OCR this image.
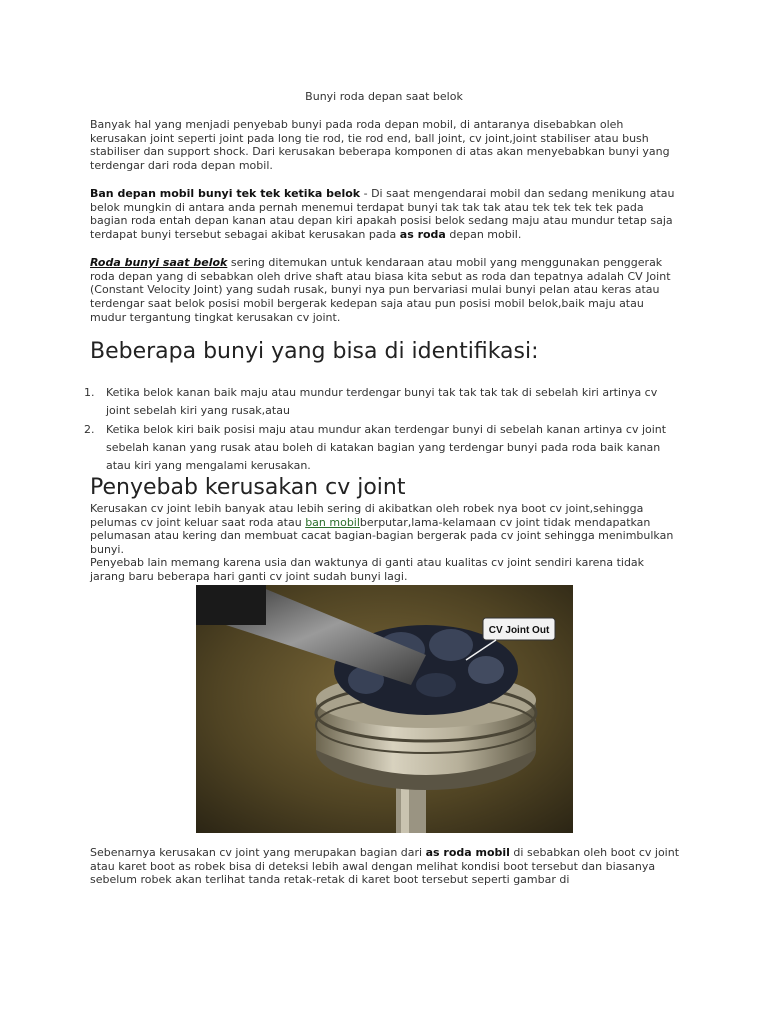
Bunyi roda depan saat belok

Banyak hal yang menjadi penyebab bunyi pada roda depan mobil, di antaranya disebabkan oleh kerusakan joint seperti joint pada long tie rod, tie rod end, ball joint, cv joint,joint stabiliser atau bush stabiliser dan support shock. Dari kerusakan beberapa komponen di atas akan menyebabkan bunyi yang terdengar dari roda depan mobil.

Ban depan mobil bunyi tek tek ketika belok - Di saat mengendarai mobil dan sedang menikung atau belok mungkin di antara anda pernah menemui terdapat bunyi tak tak tak atau tek tek tek tek pada bagian roda entah depan kanan atau depan kiri apakah posisi belok sedang maju atau mundur tetap saja terdapat bunyi tersebut sebagai akibat kerusakan pada as roda depan mobil.

Roda bunyi saat belok sering ditemukan untuk kendaraan atau mobil yang menggunakan penggerak roda depan yang di sebabkan oleh drive shaft atau biasa kita sebut as roda dan tepatnya adalah CV Joint (Constant Velocity Joint) yang sudah rusak, bunyi nya pun bervariasi mulai bunyi pelan atau keras atau terdengar saat belok posisi mobil bergerak kedepan saja atau pun posisi mobil belok,baik maju atau mudur tergantung tingkat kerusakan cv joint.

Beberapa bunyi yang bisa di identifikasi:
1. Ketika belok kanan baik maju atau mundur terdengar bunyi tak tak tak tak di sebelah kiri artinya cv joint sebelah kiri yang rusak,atau
2. Ketika belok kiri baik posisi maju atau mundur akan terdengar bunyi di sebelah kanan artinya cv joint sebelah kanan yang rusak atau boleh di katakan bagian yang terdengar bunyi pada roda baik kanan atau kiri yang mengalami kerusakan.
Penyebab kerusakan cv joint

Kerusakan cv joint lebih banyak atau lebih sering di akibatkan oleh robek nya boot cv joint,sehingga pelumas cv joint keluar saat roda atau ban mobilberputar,lama-kelamaan cv joint tidak mendapatkan pelumasan atau kering dan membuat cacat bagian-bagian bergerak pada cv joint sehingga menimbulkan bunyi.
Penyebab lain memang karena usia dan waktunya di ganti atau kualitas cv joint sendiri karena tidak jarang baru beberapa hari ganti cv joint sudah bunyi lagi.

CV Joint Out

Sebenarnya kerusakan cv joint yang merupakan bagian dari as roda mobil di sebabkan oleh boot cv joint atau karet boot as robek bisa di deteksi lebih awal dengan melihat kondisi boot tersebut dan biasanya sebelum robek akan terlihat tanda retak-retak di karet boot tersebut seperti gambar di
